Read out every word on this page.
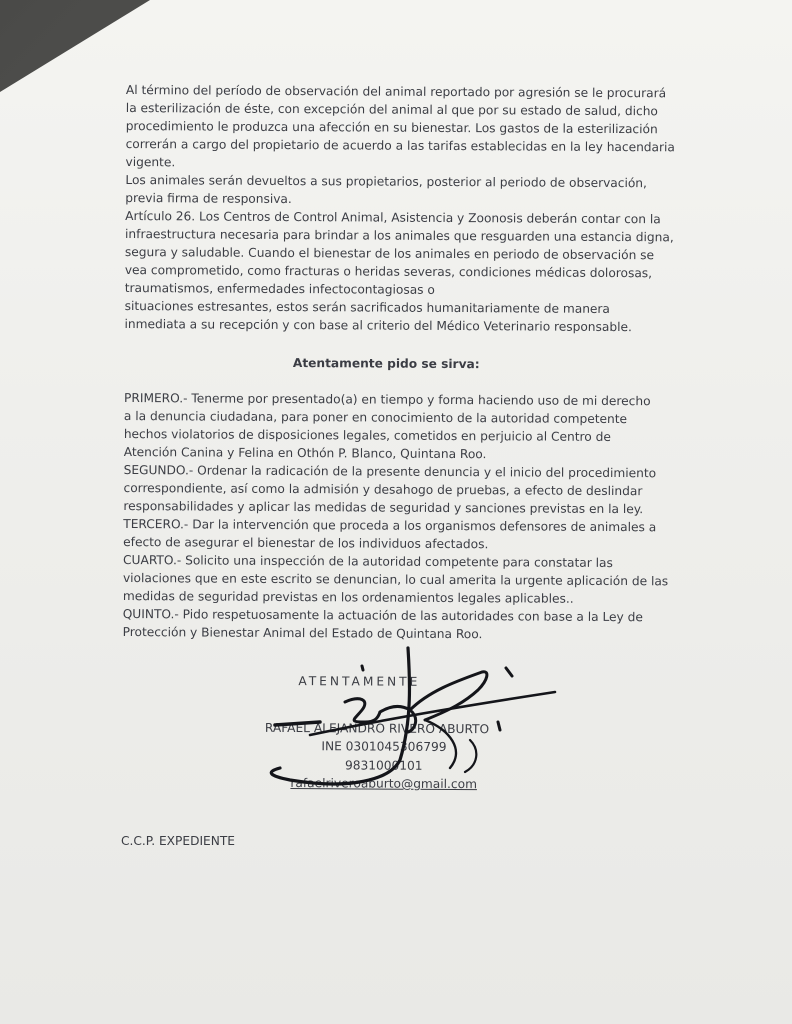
Al término del período de observación del animal reportado por agresión se le procurará

la esterilización de éste, con excepción del animal al que por su estado de salud, dicho

procedimiento le produzca una afección en su bienestar. Los gastos de la esterilización

correrán a cargo del propietario de acuerdo a las tarifas establecidas en la ley hacendaria

vigente.

Los animales serán devueltos a sus propietarios, posterior al periodo de observación,

previa firma de responsiva.

Artículo 26. Los Centros de Control Animal, Asistencia y Zoonosis deberán contar con la

infraestructura necesaria para brindar a los animales que resguarden una estancia digna,

segura y saludable. Cuando el bienestar de los animales en periodo de observación se

vea comprometido, como fracturas o heridas severas, condiciones médicas dolorosas,

traumatismos, enfermedades infectocontagiosas o

situaciones estresantes, estos serán sacrificados humanitariamente de manera

inmediata a su recepción y con base al criterio del Médico Veterinario responsable.

Atentamente pido se sirva:

PRIMERO.- Tenerme por presentado(a) en tiempo y forma haciendo uso de mi derecho

a la denuncia ciudadana, para poner en conocimiento de la autoridad competente

hechos violatorios de disposiciones legales, cometidos en perjuicio al Centro de

Atención Canina y Felina en Othón P. Blanco, Quintana Roo.

SEGUNDO.- Ordenar la radicación de la presente denuncia y el inicio del procedimiento

correspondiente, así como la admisión y desahogo de pruebas, a efecto de deslindar

responsabilidades y aplicar las medidas de seguridad y sanciones previstas en la ley.

TERCERO.- Dar la intervención que proceda a los organismos defensores de animales a

efecto de asegurar el bienestar de los individuos afectados.

CUARTO.- Solicito una inspección de la autoridad competente para constatar las

violaciones que en este escrito se denuncian, lo cual amerita la urgente aplicación de las

medidas de seguridad previstas en los ordenamientos legales aplicables..

QUINTO.- Pido respetuosamente la actuación de las autoridades con base a la Ley de

Protección y Bienestar Animal del Estado de Quintana Roo.

ATENTAMENTE
RAFAEL ALEJANDRO RIVERO ABURTO
INE 0301045306799
9831000101
rafaelriveroaburto@gmail.com
C.C.P. EXPEDIENTE
